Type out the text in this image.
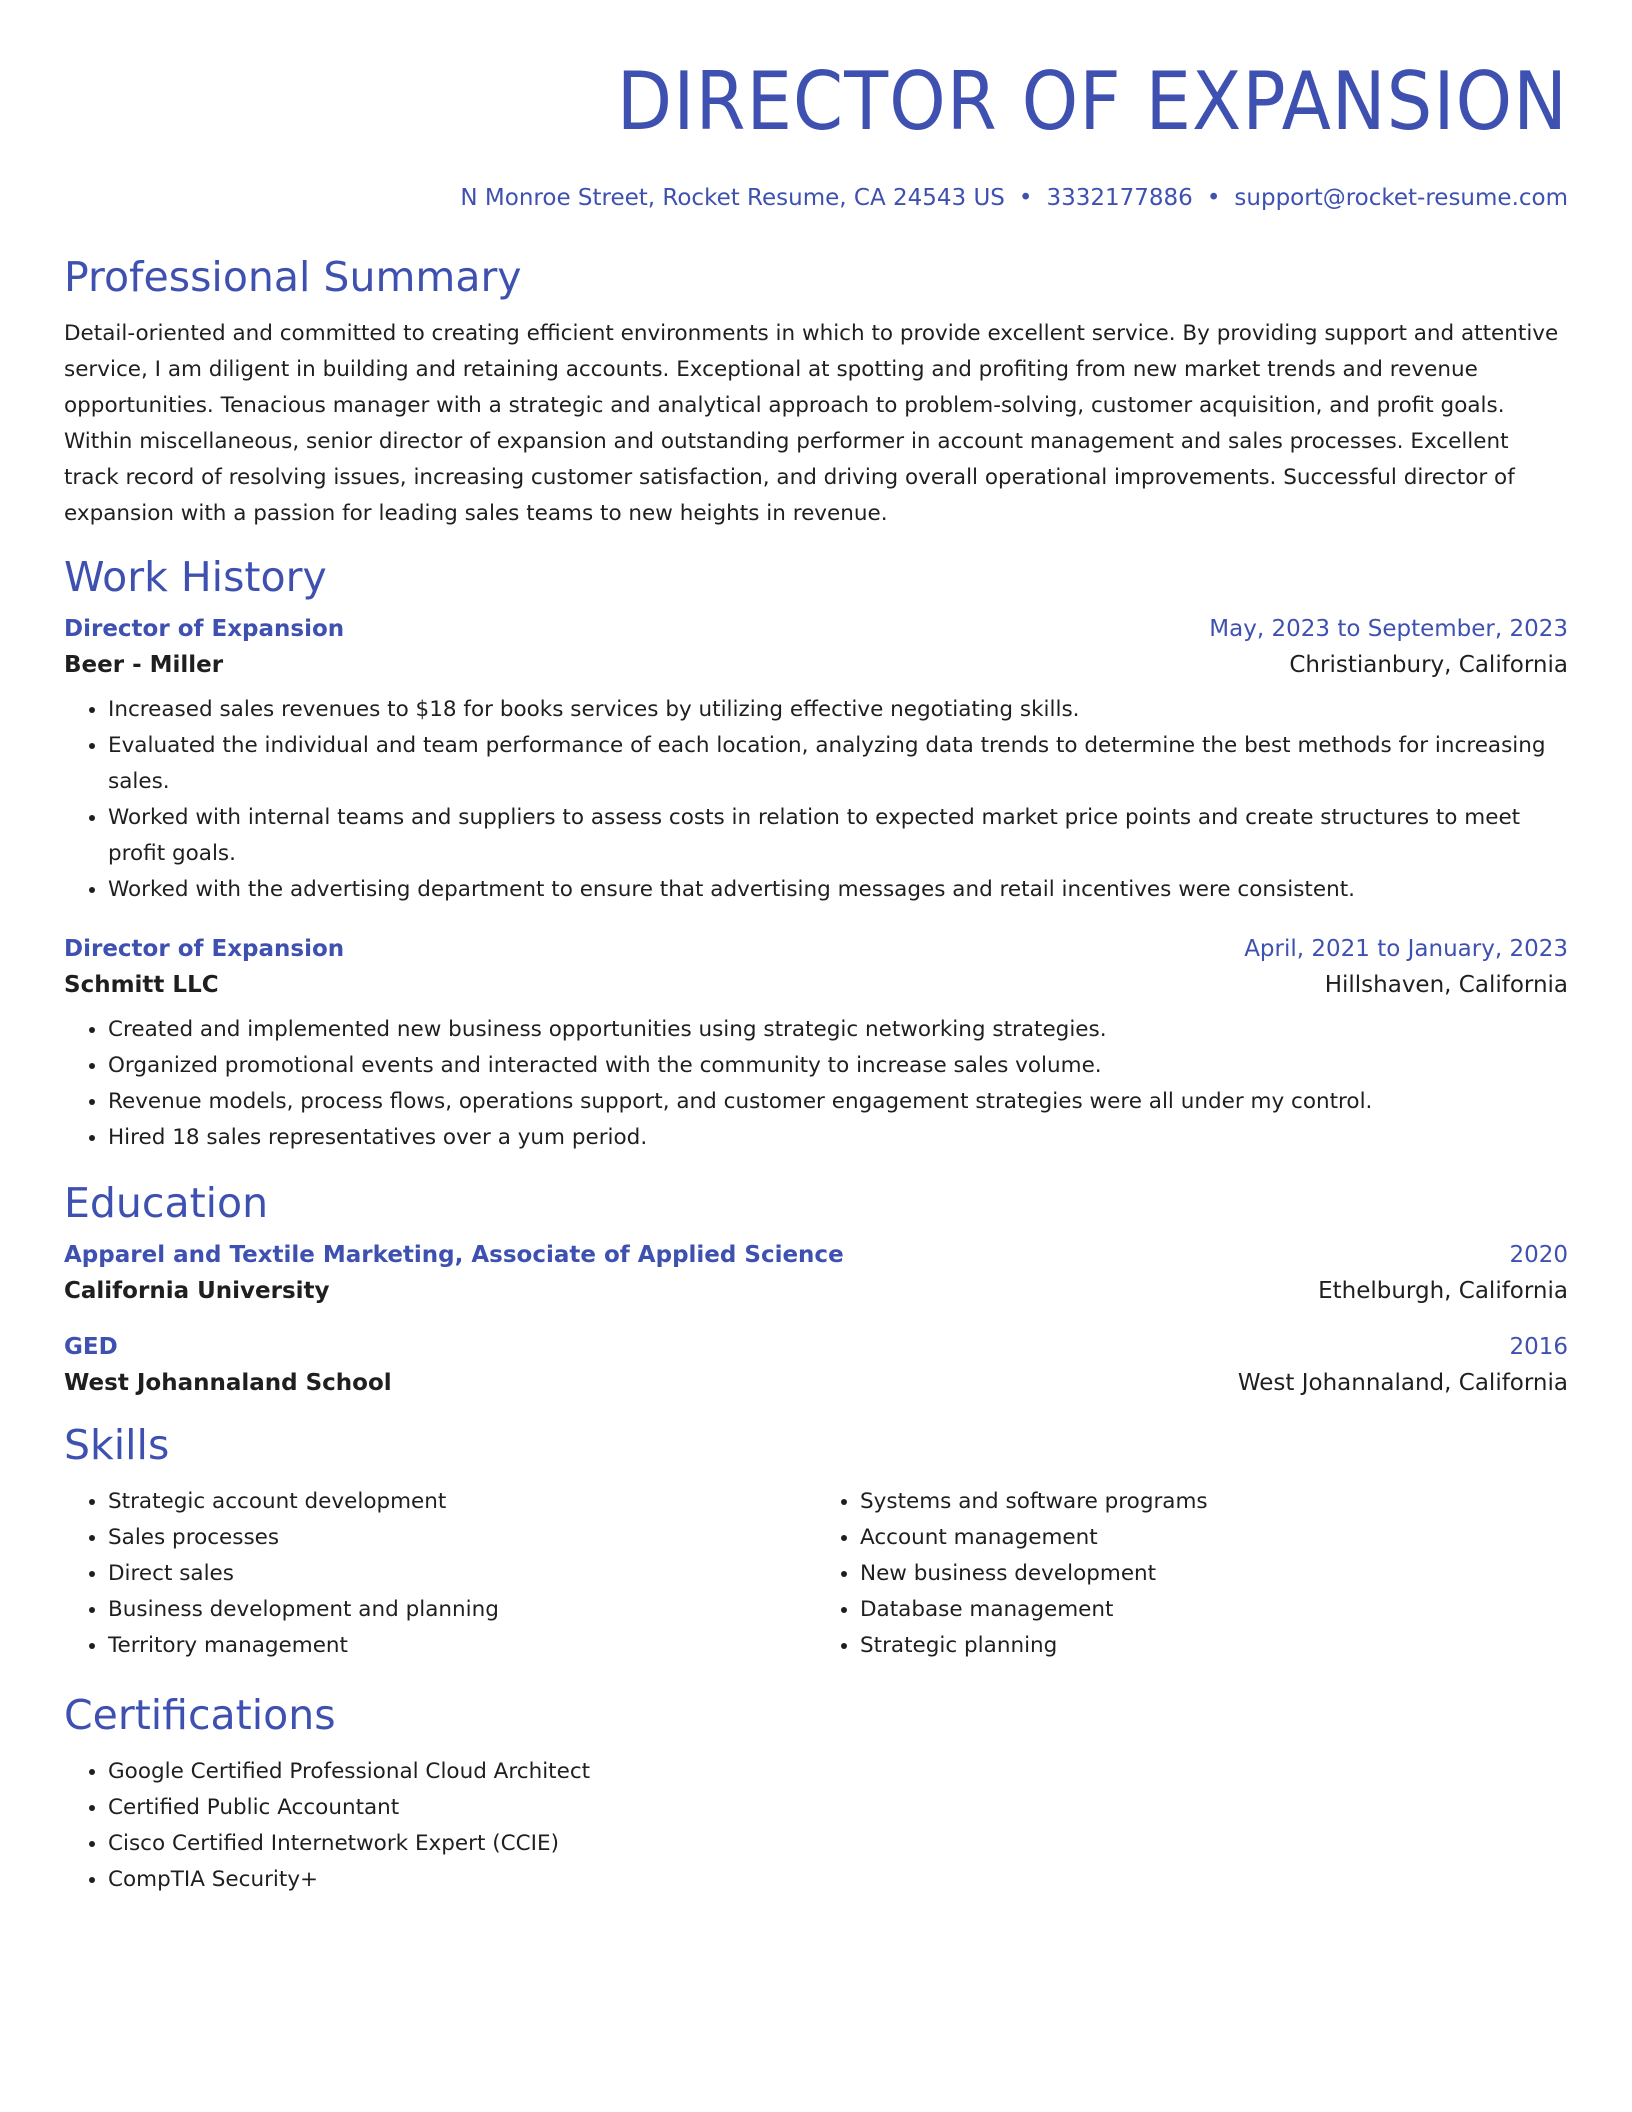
DIRECTOR OF EXPANSION
N Monroe Street, Rocket Resume, CA 24543 US • 3332177886 • support@rocket-resume.com
Professional Summary

Detail-oriented and committed to creating efficient environments in which to provide excellent service. By providing support and attentive service, I am diligent in building and retaining accounts. Exceptional at spotting and profiting from new market trends and revenue opportunities. Tenacious manager with a strategic and analytical approach to problem-solving, customer acquisition, and profit goals. Within miscellaneous, senior director of expansion and outstanding performer in account management and sales processes. Excellent track record of resolving issues, increasing customer satisfaction, and driving overall operational improvements. Successful director of expansion with a passion for leading sales teams to new heights in revenue.

Work History
Director of Expansion	May, 2023 to September, 2023
Beer - Miller	Christianbury, California
• Increased sales revenues to $18 for books services by utilizing effective negotiating skills.
• Evaluated the individual and team performance of each location, analyzing data trends to determine the best methods for increasing sales.
• Worked with internal teams and suppliers to assess costs in relation to expected market price points and create structures to meet profit goals.
• Worked with the advertising department to ensure that advertising messages and retail incentives were consistent.
Director of Expansion	April, 2021 to January, 2023
Schmitt LLC	Hillshaven, California
• Created and implemented new business opportunities using strategic networking strategies.
• Organized promotional events and interacted with the community to increase sales volume.
• Revenue models, process flows, operations support, and customer engagement strategies were all under my control.
• Hired 18 sales representatives over a yum period.
Education
Apparel and Textile Marketing, Associate of Applied Science	2020
California University	Ethelburgh, California
GED	2016
West Johannaland School	West Johannaland, California
Skills
• Strategic account development
• Sales processes
• Direct sales
• Business development and planning
• Territory management
• Systems and software programs
• Account management
• New business development
• Database management
• Strategic planning
Certifications
• Google Certified Professional Cloud Architect
• Certified Public Accountant
• Cisco Certified Internetwork Expert (CCIE)
• CompTIA Security+
